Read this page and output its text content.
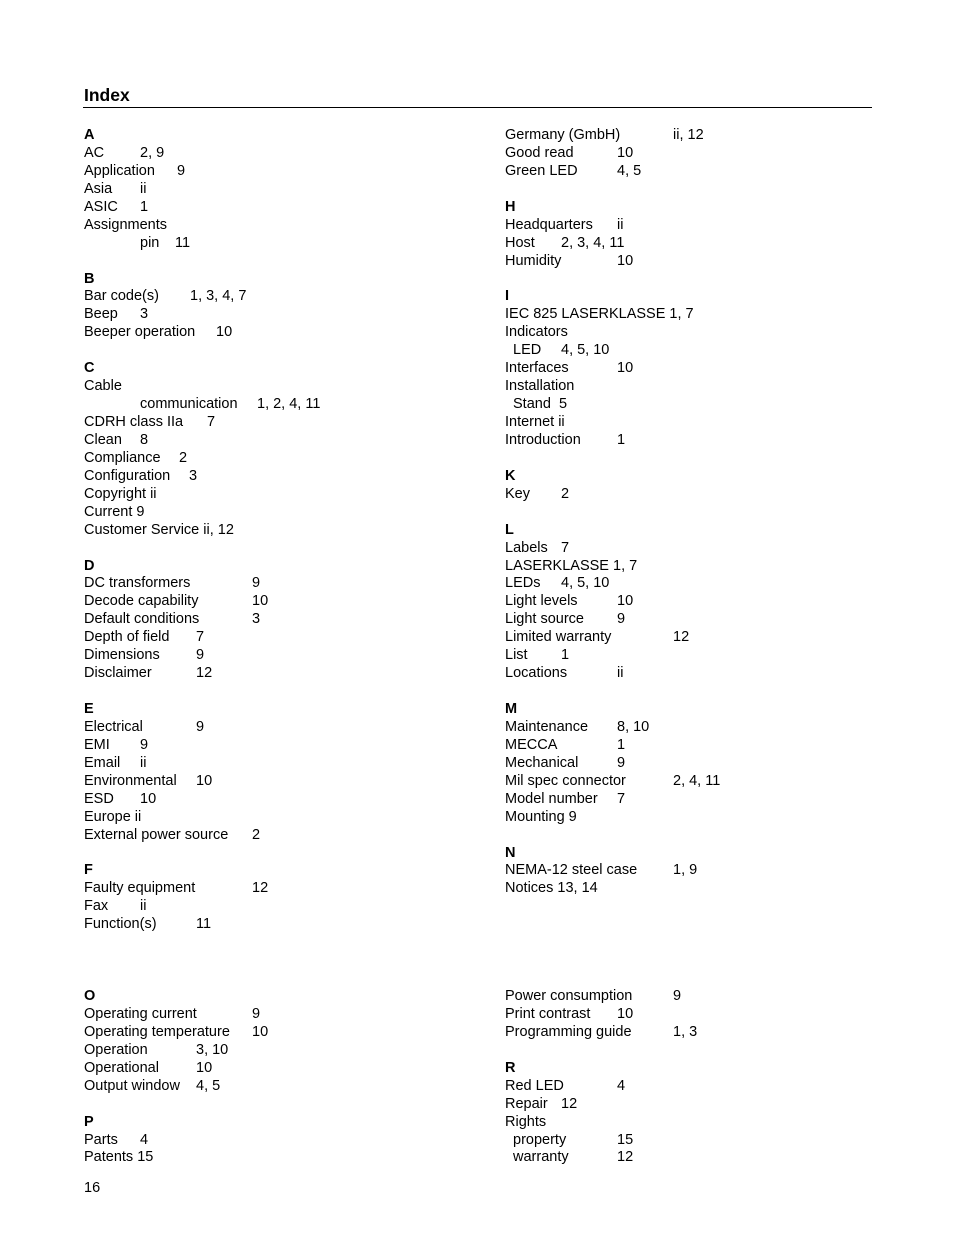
Index
A
AC 2, 9
Application 9
Asia ii
ASIC 1
Assignments
pin 11
B
Bar code(s) 1, 3, 4, 7
Beep 3
Beeper operation 10
C
Cable
communication 1, 2, 4, 11
CDRH class IIa 7
Clean 8
Compliance 2
Configuration 3
Copyright ii
Current 9
Customer Service ii, 12
D
DC transformers	9
Decode capability	10
Default conditions	3
Depth of field 7
Dimensions	9
Disclaimer	12
E
Electrical	9
EMI 9
Email ii
Environmental 10
ESD 10
Europe ii
External power source 2
F
Faulty equipment	12
Fax ii
Function(s)	11
Germany (GmbH)	ii, 12
Good read	10
Green LED	4, 5
H
Headquarters ii
Host 2, 3, 4, 11
Humidity	10
I
IEC 825 LASERKLASSE 1, 7
Indicators
LED 4, 5, 10
Interfaces	10
Installation
Stand  5
Internet ii
Introduction 1
K
Key 2
L
Labels 7
LASERKLASSE 1, 7
LEDs 4, 5, 10
Light levels	10
Light source 9
Limited warranty	12
List 1
Locations	ii
M
Maintenance 8, 10
MECCA	1
Mechanical	9
Mil spec connector	2, 4, 11
Model number 7
Mounting 9
N
NEMA-12 steel case 1, 9
Notices 13, 14
O
Operating current	9
Operating temperature 10
Operation	3, 10
Operational	10
Output window 4, 5
P
Parts 4
Patents 15
Power consumption	9
Print contrast 10
Programming guide	1, 3
R
Red LED	4
Repair 12
Rights
property	15
warranty	12
16
